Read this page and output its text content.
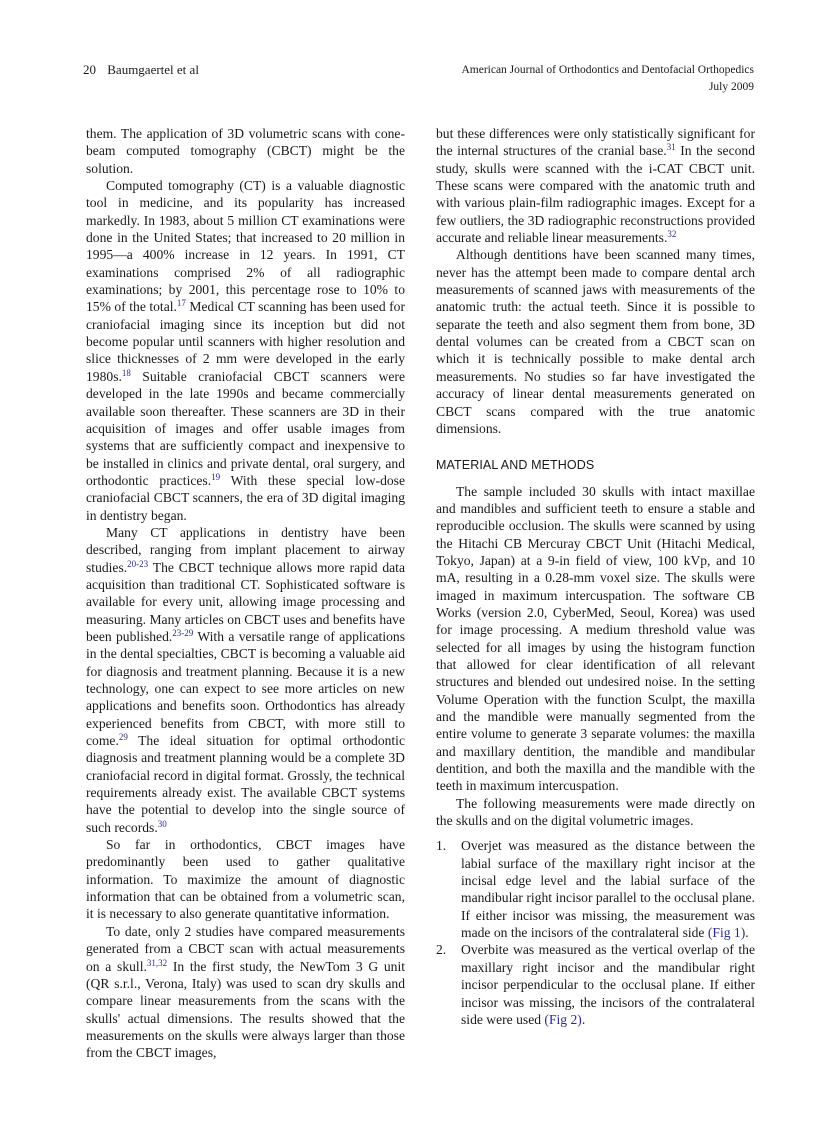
20 Baumgaertel et al	American Journal of Orthodontics and Dentofacial Orthopedics
July 2009

them. The application of 3D volumetric scans with cone-beam computed tomography (CBCT) might be the solution.

Computed tomography (CT) is a valuable diagnostic tool in medicine, and its popularity has increased markedly. In 1983, about 5 million CT examinations were done in the United States; that increased to 20 million in 1995—a 400% increase in 12 years. In 1991, CT examinations comprised 2% of all radiographic examinations; by 2001, this percentage rose to 10% to 15% of the total.$^{17}$ Medical CT scanning has been used for craniofacial imaging since its inception but did not become popular until scanners with higher resolution and slice thicknesses of 2 mm were developed in the early 1980s.$^{18}$ Suitable craniofacial CBCT scanners were developed in the late 1990s and became commercially available soon thereafter. These scanners are 3D in their acquisition of images and offer usable images from systems that are sufficiently compact and inexpensive to be installed in clinics and private dental, oral surgery, and orthodontic practices.$^{19}$ With these special low-dose craniofacial CBCT scanners, the era of 3D digital imaging in dentistry began.

Many CT applications in dentistry have been described, ranging from implant placement to airway studies.$^{20-23}$ The CBCT technique allows more rapid data acquisition than traditional CT. Sophisticated software is available for every unit, allowing image processing and measuring. Many articles on CBCT uses and benefits have been published.$^{23-29}$ With a versatile range of applications in the dental specialties, CBCT is becoming a valuable aid for diagnosis and treatment planning. Because it is a new technology, one can expect to see more articles on new applications and benefits soon. Orthodontics has already experienced benefits from CBCT, with more still to come.$^{29}$ The ideal situation for optimal orthodontic diagnosis and treatment planning would be a complete 3D craniofacial record in digital format. Grossly, the technical requirements already exist. The available CBCT systems have the potential to develop into the single source of such records.$^{30}$

So far in orthodontics, CBCT images have predominantly been used to gather qualitative information. To maximize the amount of diagnostic information that can be obtained from a volumetric scan, it is necessary to also generate quantitative information.

To date, only 2 studies have compared measurements generated from a CBCT scan with actual measurements on a skull.$^{31,32}$ In the first study, the NewTom 3 G unit (QR s.r.l., Verona, Italy) was used to scan dry skulls and compare linear measurements from the scans with the skulls' actual dimensions. The results showed that the measurements on the skulls were always larger than those from the CBCT images,

but these differences were only statistically significant for the internal structures of the cranial base.$^{31}$ In the second study, skulls were scanned with the i-CAT CBCT unit. These scans were compared with the anatomic truth and with various plain-film radiographic images. Except for a few outliers, the 3D radiographic reconstructions provided accurate and reliable linear measurements.$^{32}$

Although dentitions have been scanned many times, never has the attempt been made to compare dental arch measurements of scanned jaws with measurements of the anatomic truth: the actual teeth. Since it is possible to separate the teeth and also segment them from bone, 3D dental volumes can be created from a CBCT scan on which it is technically possible to make dental arch measurements. No studies so far have investigated the accuracy of linear dental measurements generated on CBCT scans compared with the true anatomic dimensions.

MATERIAL AND METHODS

The sample included 30 skulls with intact maxillae and mandibles and sufficient teeth to ensure a stable and reproducible occlusion. The skulls were scanned by using the Hitachi CB Mercuray CBCT Unit (Hitachi Medical, Tokyo, Japan) at a 9-in field of view, 100 kVp, and 10 mA, resulting in a 0.28-mm voxel size. The skulls were imaged in maximum intercuspation. The software CB Works (version 2.0, CyberMed, Seoul, Korea) was used for image processing. A medium threshold value was selected for all images by using the histogram function that allowed for clear identification of all relevant structures and blended out undesired noise. In the setting Volume Operation with the function Sculpt, the maxilla and the mandible were manually segmented from the entire volume to generate 3 separate volumes: the maxilla and maxillary dentition, the mandible and mandibular dentition, and both the maxilla and the mandible with the teeth in maximum intercuspation.

The following measurements were made directly on the skulls and on the digital volumetric images.

1. Overjet was measured as the distance between the labial surface of the maxillary right incisor at the incisal edge level and the labial surface of the mandibular right incisor parallel to the occlusal plane. If either incisor was missing, the measurement was made on the incisors of the contralateral side (Fig 1).
2. Overbite was measured as the vertical overlap of the maxillary right incisor and the mandibular right incisor perpendicular to the occlusal plane. If either incisor was missing, the incisors of the contralateral side were used (Fig 2).
